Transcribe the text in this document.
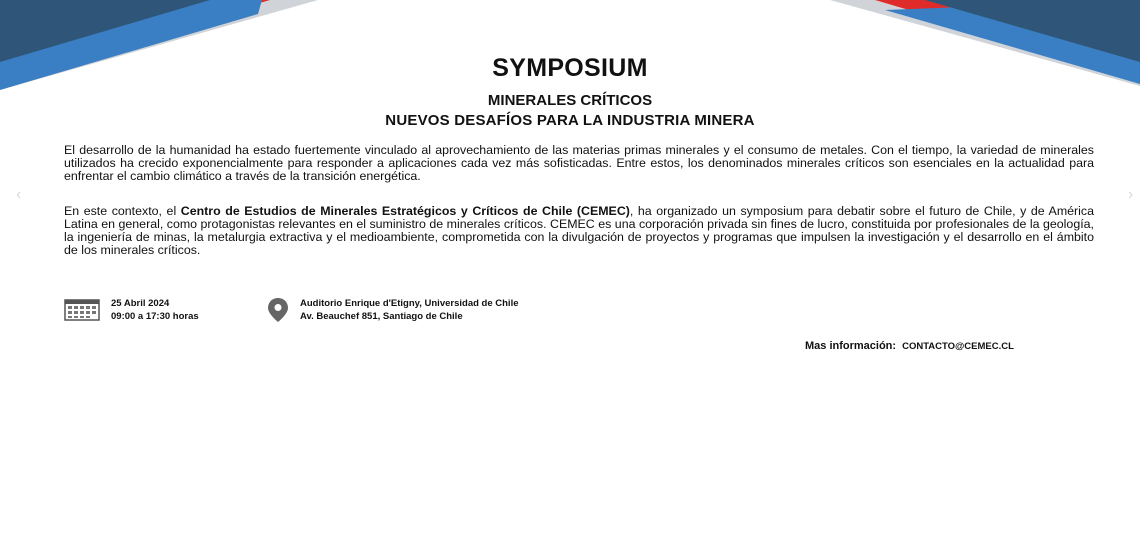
‹	›
SYMPOSIUM
MINERALES CRÍTICOS
NUEVOS DESAFÍOS PARA LA INDUSTRIA MINERA

El desarrollo de la humanidad ha estado fuertemente vinculado al aprovechamiento de las materias primas minerales y el consumo de metales. Con el tiempo, la variedad de minerales utilizados ha crecido exponencialmente para responder a aplicaciones cada vez más sofisticadas. Entre estos, los denominados minerales críticos son esenciales en la actualidad para enfrentar el cambio climático a través de la transición energética.

En este contexto, el Centro de Estudios de Minerales Estratégicos y Críticos de Chile (CEMEC), ha organizado un symposium para debatir sobre el futuro de Chile, y de América Latina en general, como protagonistas relevantes en el suministro de minerales críticos. CEMEC es una corporación privada sin fines de lucro, constituida por profesionales de la geología, la ingeniería de minas, la metalurgia extractiva y el medioambiente, comprometida con la divulgación de proyectos y programas que impulsen la investigación y el desarrollo en el ámbito de los minerales críticos.

25 Abril 2024
09:00 a 17:30 horas
Auditorio Enrique d'Etigny, Universidad de Chile
Av. Beauchef 851, Santiago de Chile
Mas información: CONTACTO@CEMEC.CL
